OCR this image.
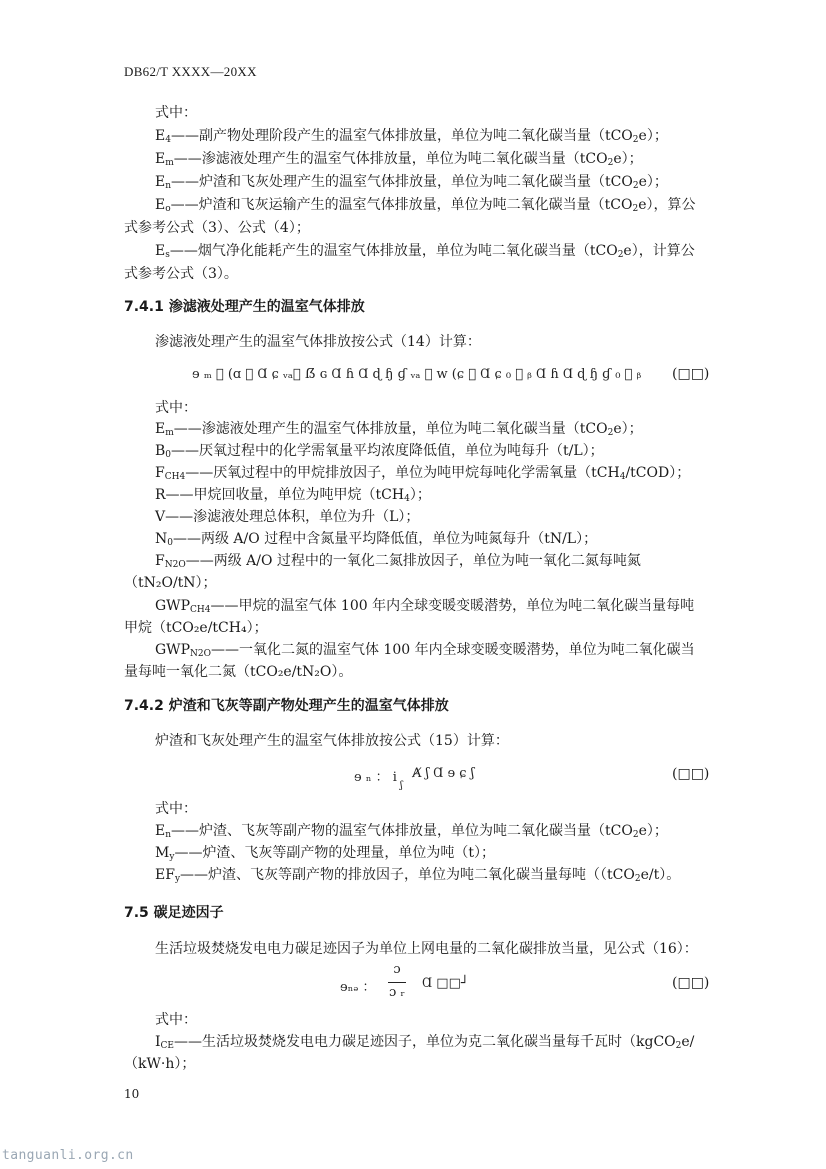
DB62/T XXXX—20XX
式中：
$E_4——$副产物处理阶段产生的温室气体排放量，单位为吨二氧化碳当量（tCO$_2$e）；
$E_m——$渗滤液处理产生的温室气体排放量，单位为吨二氧化碳当量（tCO$_2$e）；
$E_n——$炉渣和飞灰处理产生的温室气体排放量，单位为吨二氧化碳当量（tCO$_2$e）；
$E_o——$炉渣和飞灰运输产生的温室气体排放量，单位为吨二氧化碳当量（tCO$_2$e），算公
式参考公式（3）、公式（4）；
$E_s——$烟气净化能耗产生的温室气体排放量，单位为吨二氧化碳当量（tCO$_2$e），计算公
式参考公式（3）。
7.4.1 渗滤液处理产生的温室气体排放
渗滤液处理产生的温室气体排放按公式（14）计算：
ɘ ₘ ： (ɑ ⃞ Ɑ ɕ ᵥₐ⃞ ẞ ɢ Ɑ ɦ Ɑ ɖ ɧ ɠ ᵥₐ ⃞ w (ɕ ⃞ Ɑ ɕ ₀ ⃞ ᵦ Ɑ ɦ Ɑ ɖ ɧ ɠ ₀ ⃞ ᵦ (□□)
式中：
$E_m——$渗滤液处理产生的温室气体排放量，单位为吨二氧化碳当量（tCO$_2$e）；
$B_0——$厌氧过程中的化学需氧量平均浓度降低值，单位为吨每升（t/L）；
$F_{CH4}——$厌氧过程中的甲烷排放因子，单位为吨甲烷每吨化学需氧量（tCH$_4$/tCOD）；
R——甲烷回收量，单位为吨甲烷（tCH$_4$）；
V——渗滤液处理总体积，单位为升（L）；
$N_0——$两级 A/O 过程中含氮量平均降低值，单位为吨氮每升（tN/L）；
$F_{N2O}——$两级 A/O 过程中的一氧化二氮排放因子，单位为吨一氧化二氮每吨氮
（tN₂O/tN）；
$GWP_{CH4}——$甲烷的温室气体 100 年内全球变暖变暖潜势，单位为吨二氧化碳当量每吨
甲烷（tCO₂e/tCH₄）；
$GWP_{N2O}——$一氧化二氮的温室气体 100 年内全球变暖变暖潜势，单位为吨二氧化碳当
量每吨一氧化二氮（tCO₂e/tN₂O）。
7.4.2 炉渣和飞灰等副产物处理产生的温室气体排放
炉渣和飞灰处理产生的温室气体排放按公式（15）计算：
ɘ ₙ ： i
ʃ
Ⱥ ʃ Ɑ ɘ ɕ ʃ	(□□)
式中：
$E_n——$炉渣、飞灰等副产物的温室气体排放量，单位为吨二氧化碳当量（tCO$_2$e）；
$M_y——$炉渣、飞灰等副产物的处理量，单位为吨（t）；
$EF_y——$炉渣、飞灰等副产物的排放因子，单位为吨二氧化碳当量每吨（（tCO$_2$e/t）。
7.5 碳足迹因子
生活垃圾焚烧发电电力碳足迹因子为单位上网电量的二氧化碳排放当量，见公式（16）：
ɘₙₔ ：
ɔ
ɔ ᵣ
Ɑ □□┘	(□□)
式中：
$I_{CE}——$生活垃圾焚烧发电电力碳足迹因子，单位为克二氧化碳当量每千瓦时（kgCO$_2$e/
（kW·h）；
10
tanguanli.org.cn
